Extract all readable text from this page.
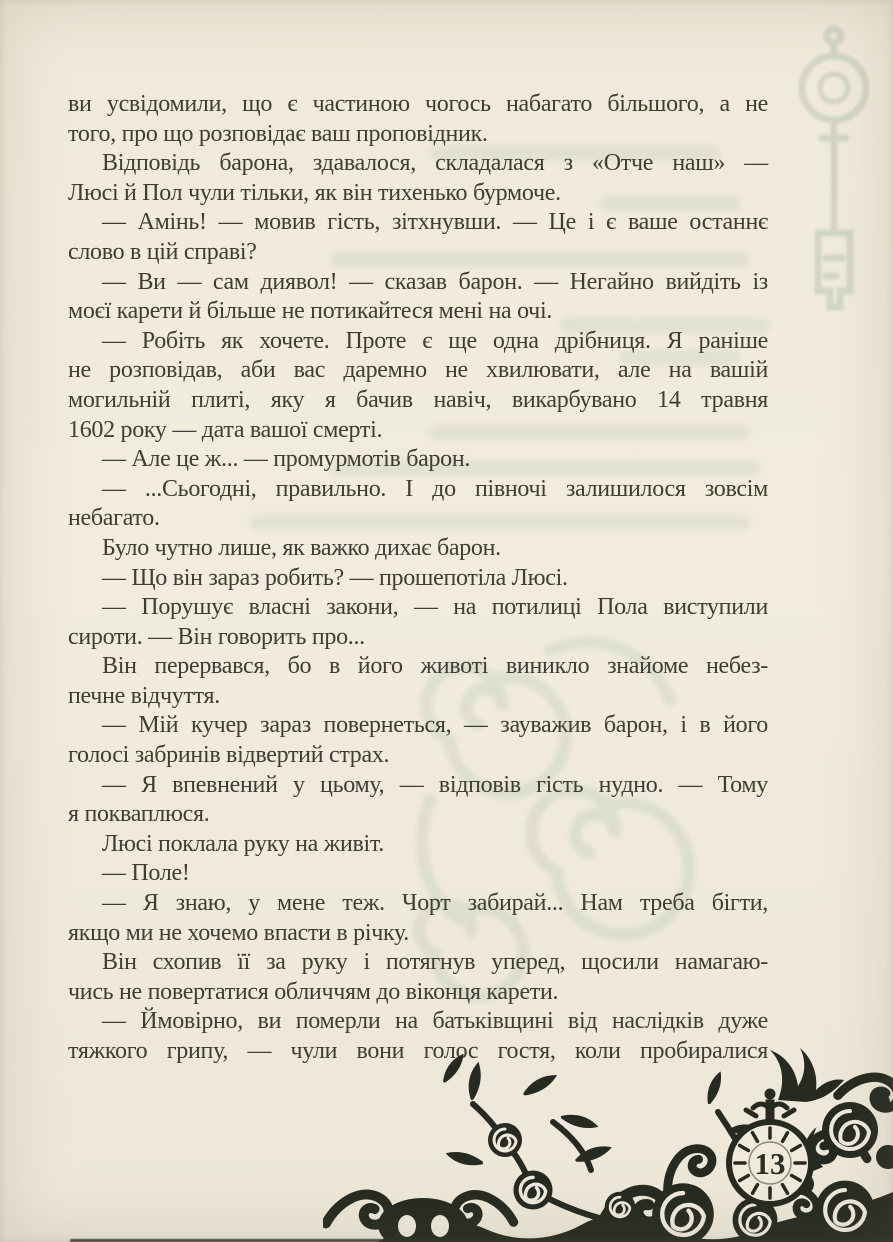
ви усвідомили, що є частиною чогось набагато більшого, а не
того, про що розповідає ваш проповідник.
Відповідь барона, здавалося, складалася з «Отче наш» —
Люсі й Пол чули тільки, як він тихенько бурмоче.
— Амінь! — мовив гість, зітхнувши. — Це і є ваше останнє
слово в цій справі?
— Ви — сам диявол! — сказав барон. — Негайно вийдіть із
моєї карети й більше не потикайтеся мені на очі.
— Робіть як хочете. Проте є ще одна дрібниця. Я раніше
не розповідав, аби вас даремно не хвилювати, але на вашій
могильній плиті, яку я бачив навіч, викарбувано 14 травня
1602 року — дата вашої смерті.
— Але це ж... — промурмотів барон.
— ...Сьогодні, правильно. І до півночі залишилося зовсім
небагато.
Було чутно лише, як важко дихає барон.
— Що він зараз робить? — прошепотіла Люсі.
— Порушує власні закони, — на потилиці Пола виступили
сироти. — Він говорить про...
Він перервався, бо в його животі виникло знайоме небез-
печне відчуття.
— Мій кучер зараз повернеться, — зауважив барон, і в його
голосі забринів відвертий страх.
— Я впевнений у цьому, — відповів гість нудно. — Тому
я покваплюся.
Люсі поклала руку на живіт.
— Поле!
— Я знаю, у мене теж. Чорт забирай... Нам треба бігти,
якщо ми не хочемо впасти в річку.
Він схопив її за руку і потягнув уперед, щосили намагаю-
чись не повертатися обличчям до віконця карети.
— Ймовірно, ви померли на батьківщині від наслідків дуже
тяжкого грипу, — чули вони голос гостя, коли пробиралися
13
